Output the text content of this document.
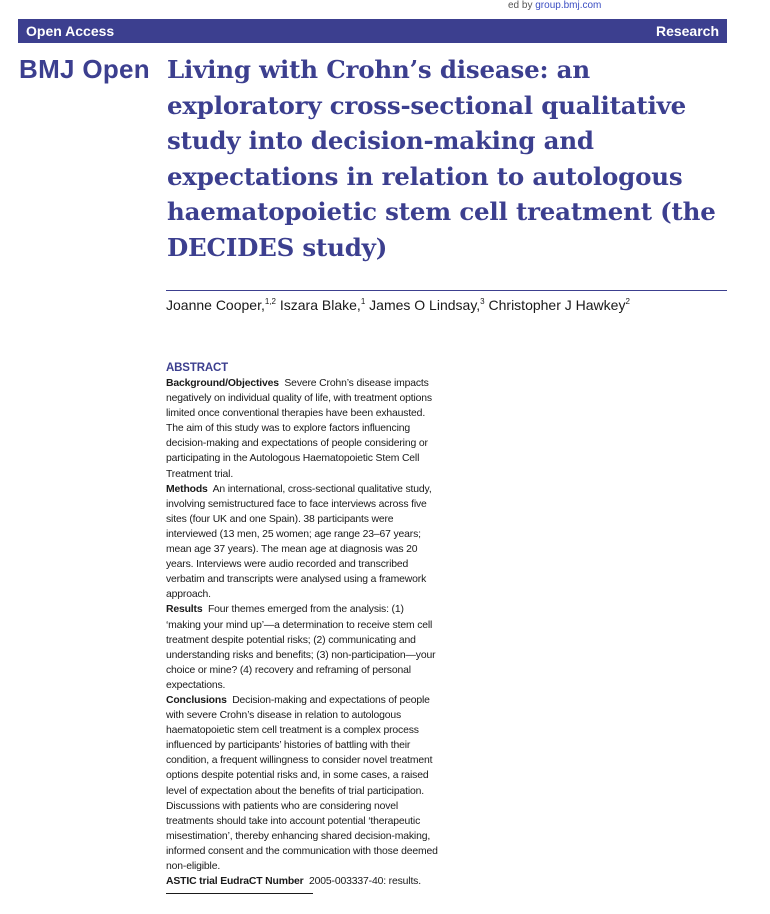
ed by group.bmj.com
Open Access	Research
BMJ Open Living with Crohn’s disease: an exploratory cross-sectional qualitative study into decision-making and expectations in relation to autologous haematopoietic stem cell treatment (the DECIDES study)
Joanne Cooper,$^{1,2}$ Iszara Blake,$^1$ James O Lindsay,$^3$ Christopher J Hawkey$^2$
ABSTRACT

Background/Objectives Severe Crohn’s disease impacts negatively on individual quality of life, with treatment options limited once conventional therapies have been exhausted. The aim of this study was to explore factors influencing decision-making and expectations of people considering or participating in the Autologous Haematopoietic Stem Cell Treatment trial.

Methods An international, cross-sectional qualitative study, involving semistructured face to face interviews across five sites (four UK and one Spain). 38 participants were interviewed (13 men, 25 women; age range 23–67 years; mean age 37 years). The mean age at diagnosis was 20 years. Interviews were audio recorded and transcribed verbatim and transcripts were analysed using a framework approach.

Results Four themes emerged from the analysis: (1) ‘making your mind up’—a determination to receive stem cell treatment despite potential risks; (2) communicating and understanding risks and benefits; (3) non-participation—your choice or mine? (4) recovery and reframing of personal expectations.

Conclusions Decision-making and expectations of people with severe Crohn’s disease in relation to autologous haematopoietic stem cell treatment is a complex process influenced by participants’ histories of battling with their condition, a frequent willingness to consider novel treatment options despite potential risks and, in some cases, a raised level of expectation about the benefits of trial participation. Discussions with patients who are considering novel treatments should take into account potential ‘therapeutic misestimation’, thereby enhancing shared decision-making, informed consent and the communication with those deemed non-eligible.

ASTIC trial EudraCT Number 2005-003337-40: results.
